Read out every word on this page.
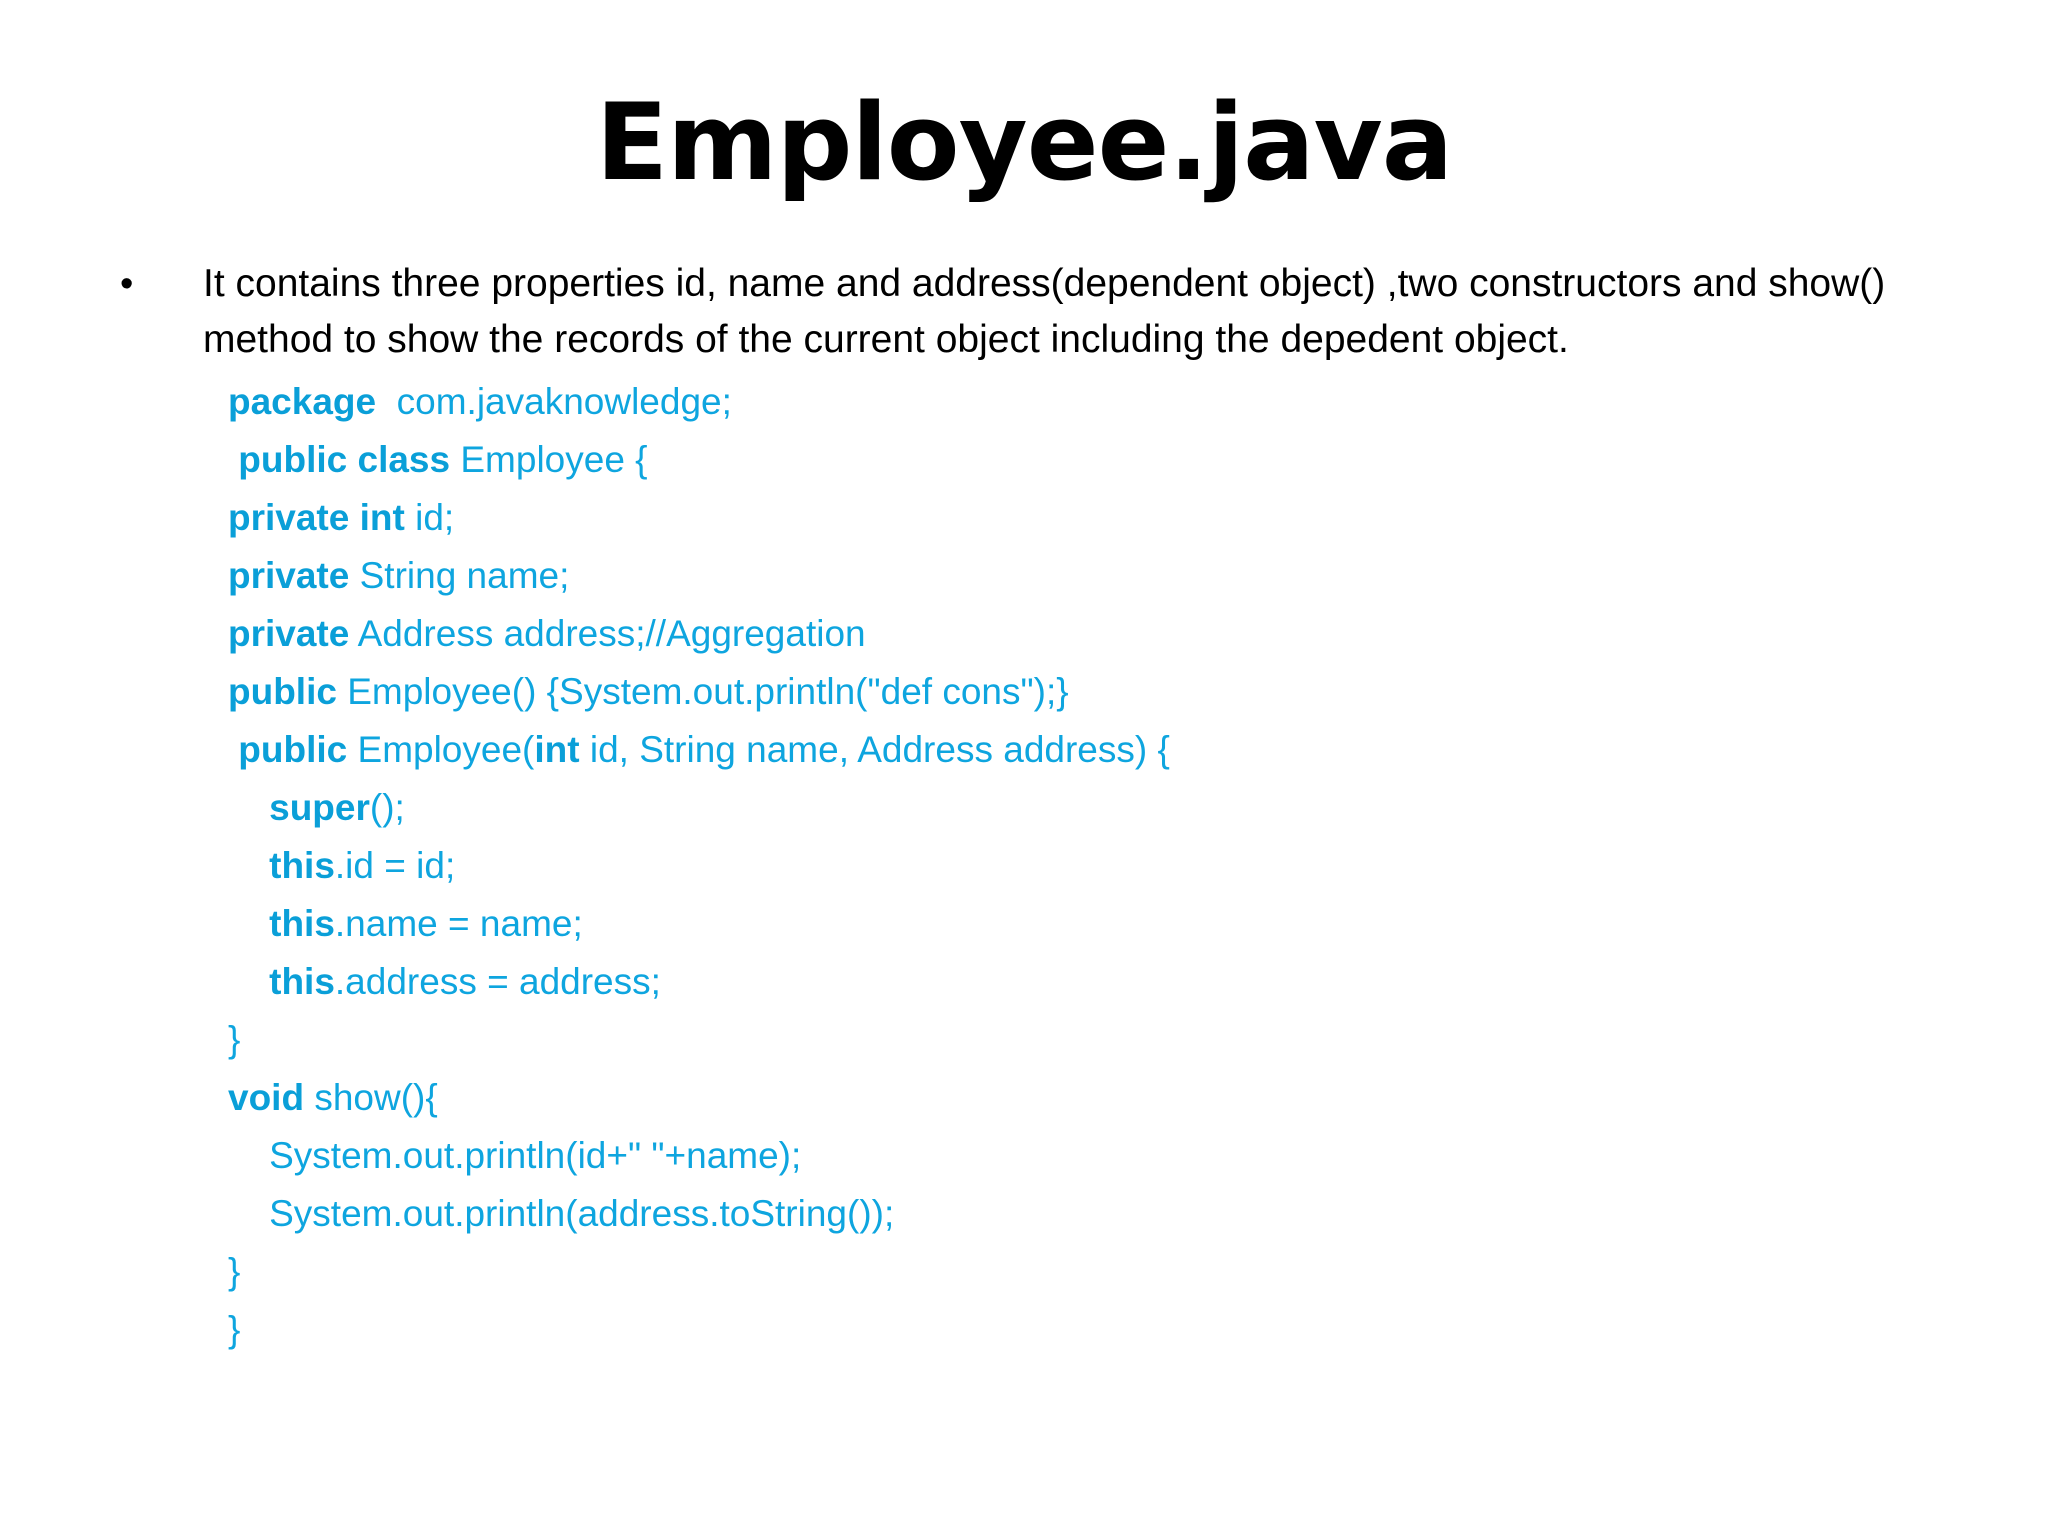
Employee.java
• It contains three properties id, name and address(dependent object) ,two constructors and show() method to show the records of the current object including the depedent object.

package  com.javaknowledge;
public class Employee {
private int id;
private String name;
private Address address;//Aggregation
public Employee() {System.out.println("def cons");}
public Employee(int id, String name, Address address) {
super();
this.id = id;
this.name = name;
this.address = address;
}
void show(){
System.out.println(id+" "+name);
System.out.println(address.toString());
}
}
